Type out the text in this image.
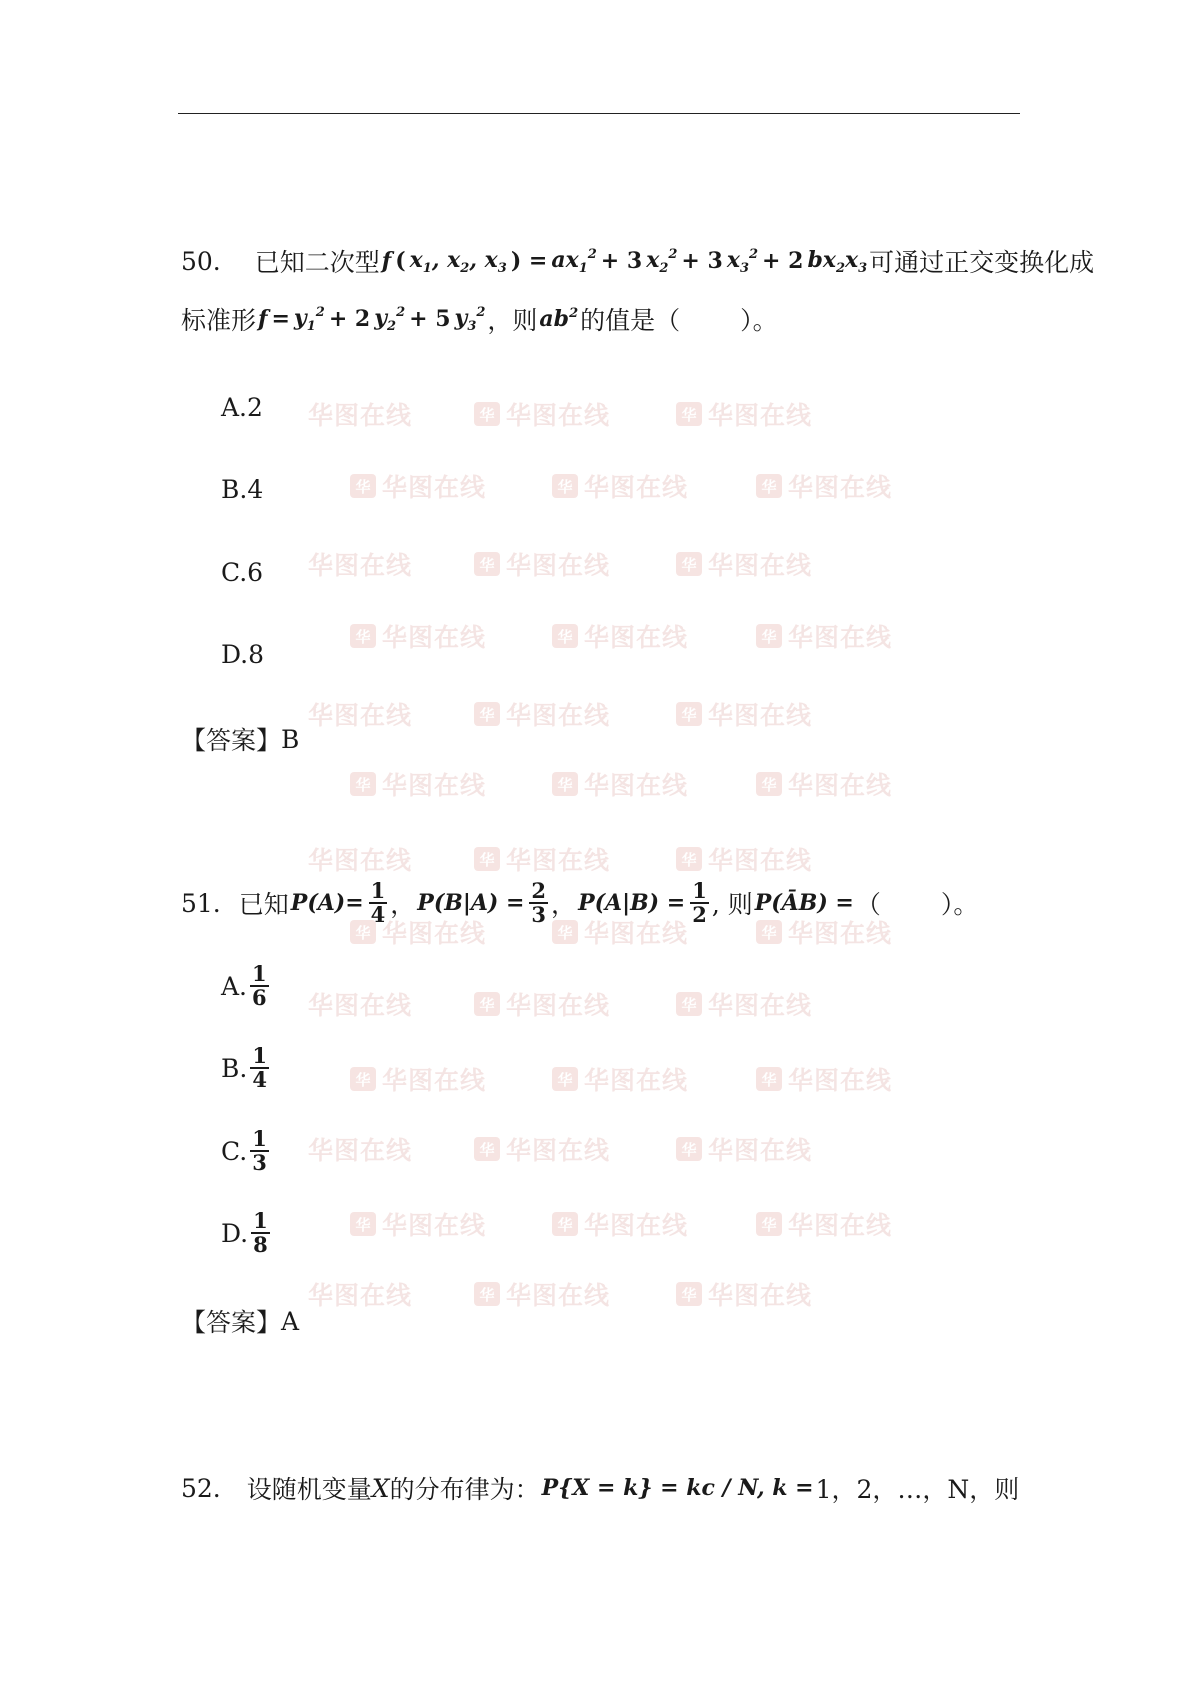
华图在线	华 华图在线	华 华图在线
华图在线	华 华图在线	华 华图在线
华图在线	华 华图在线	华 华图在线
华图在线	华 华图在线	华 华图在线
华图在线	华 华图在线	华 华图在线
华图在线	华 华图在线	华 华图在线
华图在线	华 华图在线	华 华图在线
华 华图在线	华 华图在线	华 华图在线
华 华图在线	华 华图在线	华 华图在线
华 华图在线	华 华图在线	华 华图在线
华 华图在线	华 华图在线	华 华图在线
华 华图在线	华 华图在线	华 华图在线
华 华图在线	华 华图在线	华 华图在线
50. 已知二次型 f ( $x_1$, $x_2$, $x_3$ ) = $ax_1^2 + 3$ $x_2^2 + 3$ $x_3^2 + 2$ $bx_2x_3$ 可通过正交变换化成
标准形 $f = y_1^2 + 2$ $y_2^2 + 5$ $y_3^2$ ，则 $ab^2$ 的值是（ ）。
A.2
B.4
C.6
D.8
【答案】 B
51. 已知 $P(A)= \frac{1}{4}$ ， $P(B|A) = \frac{2}{3}$ ， $P(A|B) = \frac{1}{2}$ , 则 P(ĀB) = （ ）。
A. $\frac{1}{6}$
B. $\frac{1}{4}$
C. $\frac{1}{3}$
D. $\frac{1}{8}$
【答案】 A
52. 设随机变量 X 的分布律为： P{X = k} = kc / N, k = 1，2，…，N，则
